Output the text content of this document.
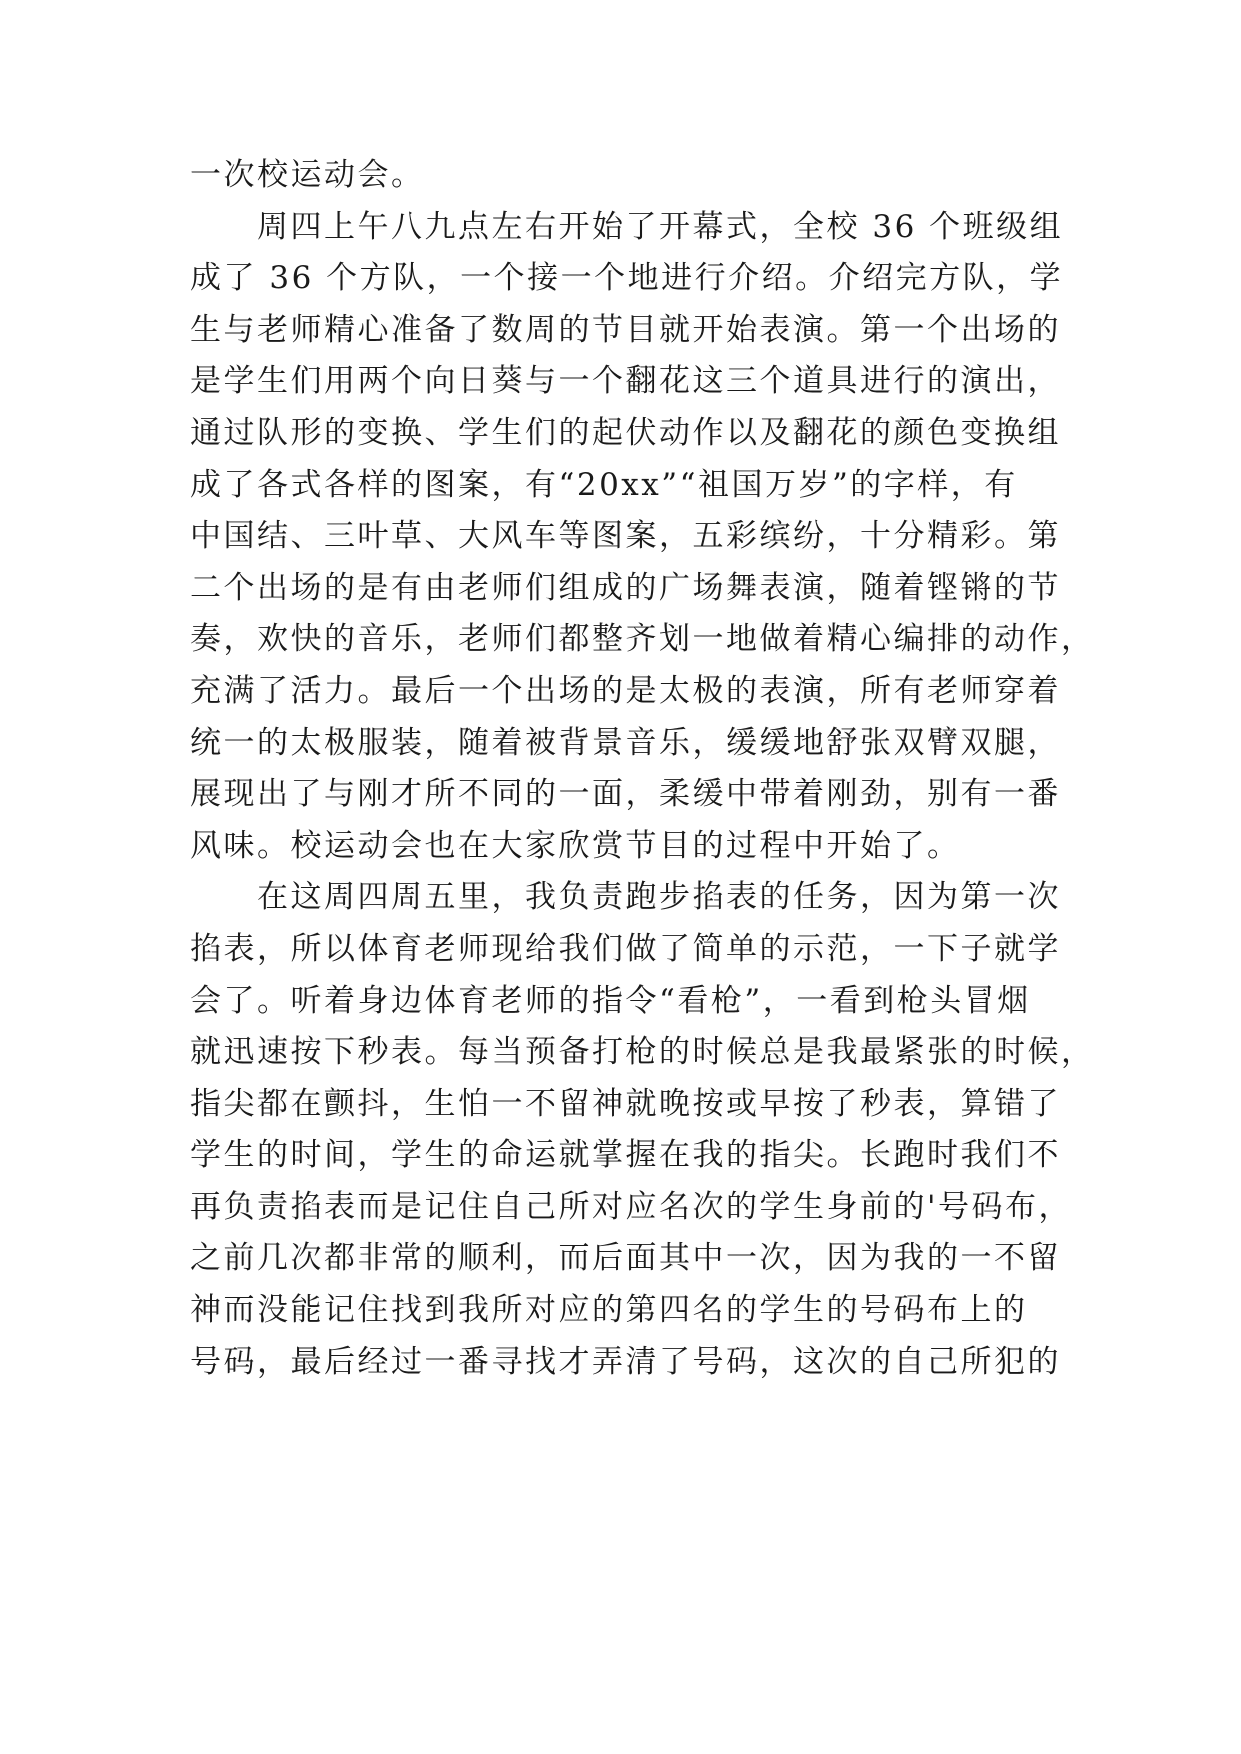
一次校运动会。
　　周四上午八九点左右开始了开幕式，全校 36 个班级组
成了 36 个方队，一个接一个地进行介绍。介绍完方队，学
生与老师精心准备了数周的节目就开始表演。第一个出场的
是学生们用两个向日葵与一个翻花这三个道具进行的演出，
通过队形的变换、学生们的起伏动作以及翻花的颜色变换组
成了各式各样的图案，有“20xx”“祖国万岁”的字样，有
中国结、三叶草、大风车等图案，五彩缤纷，十分精彩。第
二个出场的是有由老师们组成的广场舞表演，随着铿锵的节
奏，欢快的音乐，老师们都整齐划一地做着精心编排的动作，
充满了活力。最后一个出场的是太极的表演，所有老师穿着
统一的太极服装，随着被背景音乐，缓缓地舒张双臂双腿，
展现出了与刚才所不同的一面，柔缓中带着刚劲，别有一番
风味。校运动会也在大家欣赏节目的过程中开始了。
　　在这周四周五里，我负责跑步掐表的任务，因为第一次
掐表，所以体育老师现给我们做了简单的示范，一下子就学
会了。听着身边体育老师的指令“看枪”，一看到枪头冒烟
就迅速按下秒表。每当预备打枪的时候总是我最紧张的时候，
指尖都在颤抖，生怕一不留神就晚按或早按了秒表，算错了
学生的时间，学生的命运就掌握在我的指尖。长跑时我们不
再负责掐表而是记住自己所对应名次的学生身前的'号码布，
之前几次都非常的顺利，而后面其中一次，因为我的一不留
神而没能记住找到我所对应的第四名的学生的号码布上的
号码，最后经过一番寻找才弄清了号码，这次的自己所犯的
